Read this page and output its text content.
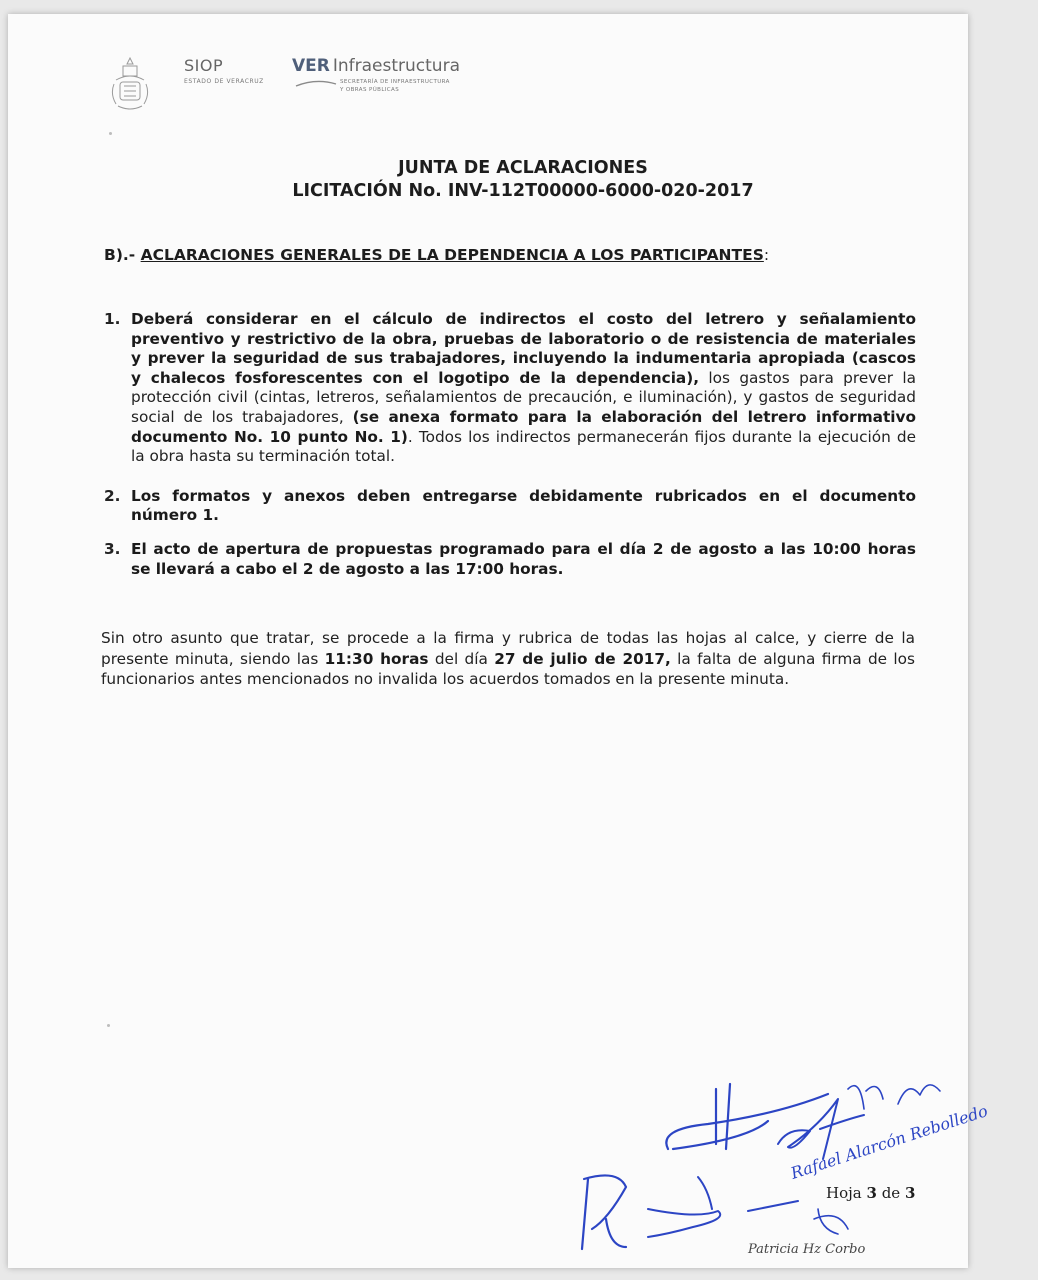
SIOP
ESTADO DE VERACRUZ
VER Infraestructura
SECRETARÍA DE INFRAESTRUCTURA
Y OBRAS PÚBLICAS
JUNTA DE ACLARACIONES
LICITACIÓN No. INV-112T00000-6000-020-2017
B).- ACLARACIONES GENERALES DE LA DEPENDENCIA A LOS PARTICIPANTES:
1. Deberá considerar en el cálculo de indirectos el costo del letrero y señalamiento preventivo y restrictivo de la obra, pruebas de laboratorio o de resistencia de materiales y prever la seguridad de sus trabajadores, incluyendo la indumentaria apropiada (cascos y chalecos fosforescentes con el logotipo de la dependencia), los gastos para prever la protección civil (cintas, letreros, señalamientos de precaución, e iluminación), y gastos de seguridad social de los trabajadores, (se anexa formato para la elaboración del letrero informativo documento No. 10 punto No. 1). Todos los indirectos permanecerán fijos durante la ejecución de la obra hasta su terminación total.
2. Los formatos y anexos deben entregarse debidamente rubricados en el documento número 1.
3. El acto de apertura de propuestas programado para el día 2 de agosto a las 10:00 horas se llevará a cabo el 2 de agosto a las 17:00 horas.
Sin otro asunto que tratar, se procede a la firma y rubrica de todas las hojas al calce, y cierre de la presente minuta, siendo las 11:30 horas del día 27 de julio de 2017, la falta de alguna firma de los funcionarios antes mencionados no invalida los acuerdos tomados en la presente minuta.
Rafael Alarcón Rebolledo
Patricia Hz Corbo
Hoja 3 de 3
